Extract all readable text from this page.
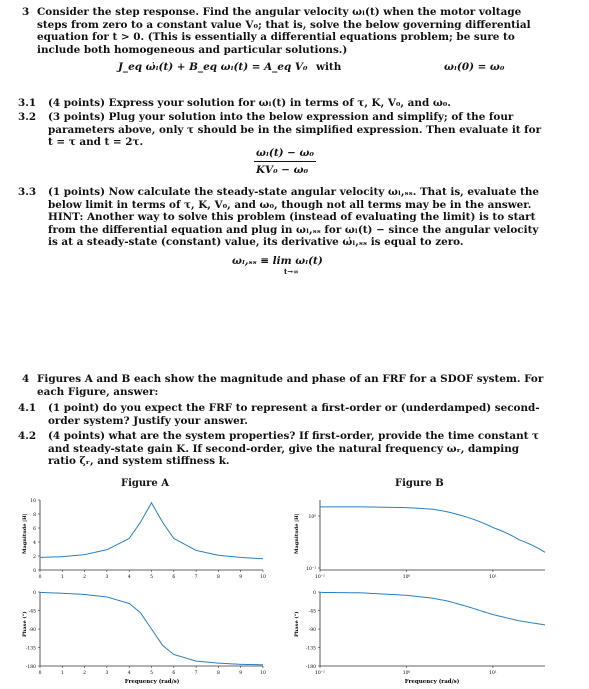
3 Consider the step response. Find the angular velocity ωₗ(t) when the motor voltage steps from zero to a constant value V₀; that is, solve the below governing differential equation for t > 0. (This is essentially a differential equations problem; be sure to include both homogeneous and particular solutions.)
J_eq ω̇ₗ(t) + B_eq ωₗ(t) = A_eq V₀ with	ωₗ(0) = ω₀
3.1 (4 points) Express your solution for ωₗ(t) in terms of τ, K, V₀, and ω₀.
3.2 (3 points) Plug your solution into the below expression and simplify; of the four parameters above, only τ should be in the simplified expression. Then evaluate it for t = τ and t = 2τ.
ωₗ(t) − ω₀
KV₀ − ω₀
3.3 (1 points) Now calculate the steady-state angular velocity ωₗ,ₛₛ. That is, evaluate the below limit in terms of τ, K, V₀, and ω₀, though not all terms may be in the answer. HINT: Another way to solve this problem (instead of evaluating the limit) is to start from the differential equation and plug in ωₗ,ₛₛ for ωₗ(t) − since the angular velocity is at a steady-state (constant) value, its derivative ω̇ₗ,ₛₛ is equal to zero.
ωₗ,ₛₛ ≡ lim ωₗ(t)
t→∞
4 Figures A and B each show the magnitude and phase of an FRF for a SDOF system. For each Figure, answer:
4.1 (1 point) do you expect the FRF to represent a first-order or (underdamped) second-order system? Justify your answer.
4.2 (4 points) what are the system properties? If first-order, provide the time constant τ and steady-state gain K. If second-order, give the natural frequency ωᵣ, damping ratio ζᵣ, and system stiffness k.
Figure A	Figure B
10
8
6
4
2
0
0	1	2	3	4	5	6	7	8	9	10
Magnitude |H|
0
-45
-90
-135
-180
0	1	2	3	4	5	6	7	8	9	10
Phase (°)
Frequency (rad/s)
10⁰
10⁻¹
10⁻¹	10⁰	10¹
Magnitude |H|
0
-45
-90
-135
-180
10⁻¹	10⁰	10¹
Phase (°)
Frequency (rad/s)
